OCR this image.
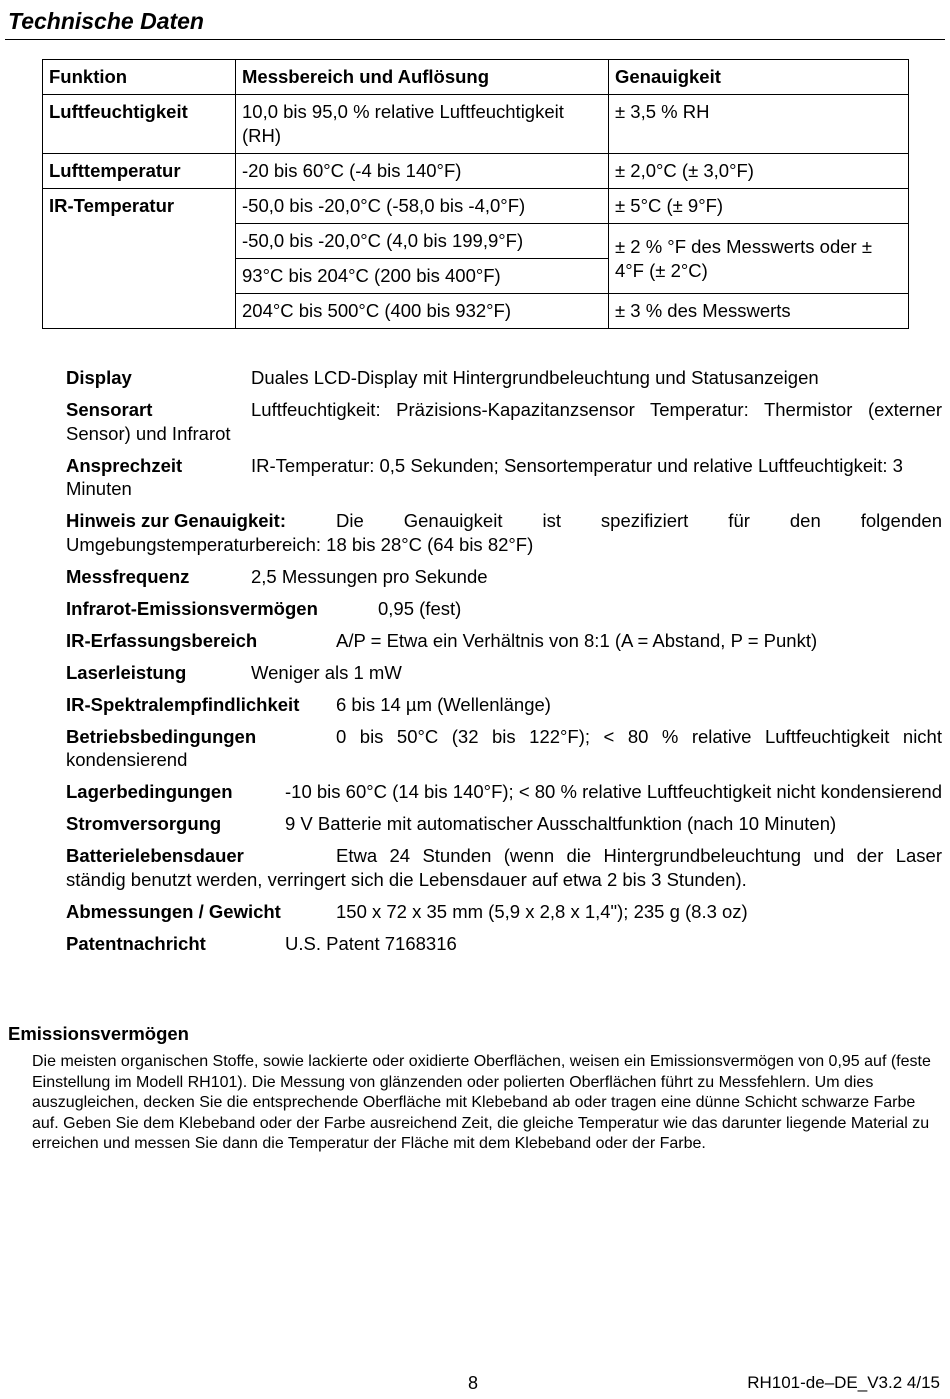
Technische Daten
Funktion	Messbereich und Auflösung	Genauigkeit
Luftfeuchtigkeit	10,0 bis 95,0 % relative Luftfeuchtigkeit (RH)	± 3,5 % RH
Lufttemperatur	-20 bis 60°C (-4 bis 140°F)	± 2,0°C (± 3,0°F)
IR-Temperatur	-50,0 bis -20,0°C (-58,0 bis -4,0°F)	± 5°C (± 9°F)
	-50,0 bis -20,0°C (4,0 bis 199,9°F)	± 2 % °F des Messwerts oder ± 4°F (± 2°C)
	93°C bis 204°C (200 bis 400°F)	
	204°C bis 500°C (400 bis 932°F)	± 3 % des Messwerts
Display	Duales LCD-Display mit Hintergrundbeleuchtung und Statusanzeigen
Sensorart	Luftfeuchtigkeit: Präzisions-Kapazitanzsensor Temperatur: Thermistor (externer Sensor) und Infrarot
Ansprechzeit	IR-Temperatur: 0,5 Sekunden; Sensortemperatur und relative Luftfeuchtigkeit: 3 Minuten
Hinweis zur Genauigkeit:	Die Genauigkeit ist spezifiziert für den folgenden Umgebungstemperaturbereich: 18 bis 28°C (64 bis 82°F)
Messfrequenz	2,5 Messungen pro Sekunde
Infrarot-Emissionsvermögen	0,95 (fest)
IR-Erfassungsbereich	A/P = Etwa ein Verhältnis von 8:1 (A = Abstand, P = Punkt)
Laserleistung	Weniger als 1 mW
IR-Spektralempfindlichkeit 6 bis 14 µm (Wellenlänge)
Betriebsbedingungen	0 bis 50°C (32 bis 122°F); < 80 % relative Luftfeuchtigkeit nicht kondensierend
Lagerbedingungen	-10 bis 60°C (14 bis 140°F); < 80 % relative Luftfeuchtigkeit nicht kondensierend
Stromversorgung	9 V Batterie mit automatischer Ausschaltfunktion (nach 10 Minuten)
Batterielebensdauer	Etwa 24 Stunden (wenn die Hintergrundbeleuchtung und der Laser ständig benutzt werden, verringert sich die Lebensdauer auf etwa 2 bis 3 Stunden).
Abmessungen / Gewicht	150 x 72 x 35 mm (5,9 x 2,8 x 1,4"); 235 g (8.3 oz)
Patentnachricht	U.S. Patent 7168316
Emissionsvermögen

Die meisten organischen Stoffe, sowie lackierte oder oxidierte Oberflächen, weisen ein Emissionsvermögen von 0,95 auf (feste Einstellung im Modell RH101). Die Messung von glänzenden oder polierten Oberflächen führt zu Messfehlern. Um dies auszugleichen, decken Sie die entsprechende Oberfläche mit Klebeband ab oder tragen eine dünne Schicht schwarze Farbe auf. Geben Sie dem Klebeband oder der Farbe ausreichend Zeit, die gleiche Temperatur wie das darunter liegende Material zu erreichen und messen Sie dann die Temperatur der Fläche mit dem Klebeband oder der Farbe.

8	RH101-de–DE_V3.2 4/15
